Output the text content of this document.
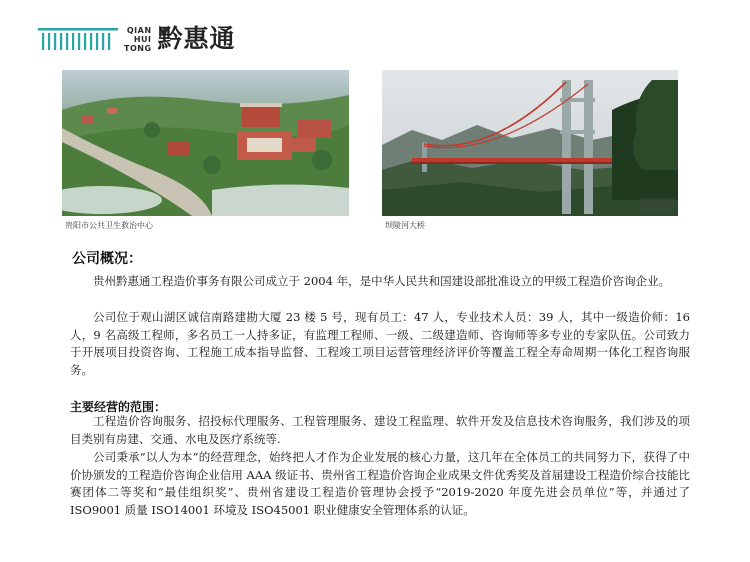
QIAN
HUI
TONG 黔惠通
贵阳市公共卫生救治中心	坝陵河大桥
公司概况：

贵州黔惠通工程造价事务有限公司成立于 2004 年，是中华人民共和国建设部批准设立的甲级工程造价咨询企业。

公司位于观山湖区诚信南路建勘大厦 23 楼 5 号，现有员工：47 人，专业技术人员：39 人，其中一级造价师：16 人，9 名高级工程师，多名员工一人持多证，有监理工程师、一级、二级建造师、咨询师等多专业的专家队伍。公司致力于开展项目投资咨询、工程施工成本指导监督、工程竣工项目运营管理经济评价等覆盖工程全寿命周期一体化工程咨询服务。

主要经营的范围：

工程造价咨询服务、招投标代理服务、工程管理服务、建设工程监理、软件开发及信息技术咨询服务，我们涉及的项目类别有房建、交通、水电及医疗系统等.

公司秉承“以人为本”的经营理念，始终把人才作为企业发展的核心力量，这几年在全体员工的共同努力下，获得了中价协颁发的工程造价咨询企业信用 AAA 级证书、贵州省工程造价咨询企业成果文件优秀奖及首届建设工程造价综合技能比赛团体二等奖和“最佳组织奖”、贵州省建设工程造价管理协会授予“2019-2020 年度先进会员单位”等，并通过了 ISO9001 质量 ISO14001 环境及 ISO45001 职业健康安全管理体系的认证。
